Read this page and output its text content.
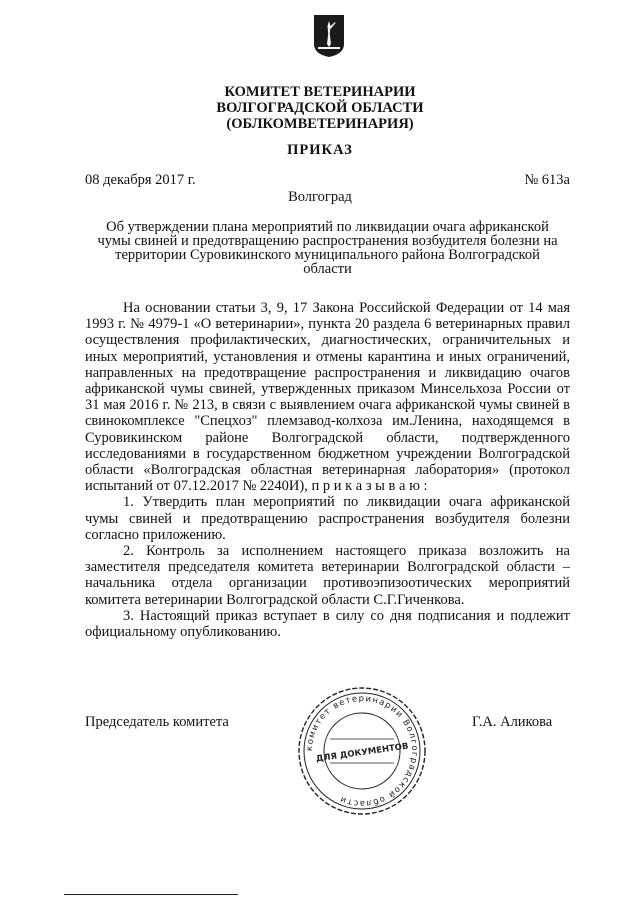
КОМИТЕТ ВЕТЕРИНАРИИ
ВОЛГОГРАДСКОЙ ОБЛАСТИ
(ОБЛКОМВЕТЕРИНАРИЯ)
ПРИКАЗ
08 декабря 2017 г.	№ 613а
Волгоград
Об утверждении плана мероприятий по ликвидации очага африканской
чумы свиней и предотвращению распространения возбудителя болезни на
территории Суровикинского муниципального района Волгоградской
области

На основании статьи 3, 9, 17 Закона Российской Федерации от 14 мая 1993 г. № 4979-1 «О ветеринарии», пункта 20 раздела 6 ветеринарных правил осуществления профилактических, диагностических, ограничительных и иных мероприятий, установления и отмены карантина и иных ограничений, направленных на предотвращение распространения и ликвидацию очагов африканской чумы свиней, утвержденных приказом Минсельхоза России от 31 мая 2016 г. № 213, в связи с выявлением очага африканской чумы свиней в свинокомплексе "Спецхоз" племзавод-колхоза им.Ленина, находящемся в Суровикинском районе Волгоградской области, подтвержденного исследованиями в государственном бюджетном учреждении Волгоградской области «Волгоградская областная ветеринарная лаборатория» (протокол испытаний от 07.12.2017 № 2240И), п р и к а з ы в а ю :

1. Утвердить план мероприятий по ликвидации очага африканской чумы свиней и предотвращению распространения возбудителя болезни согласно приложению.

2. Контроль за исполнением настоящего приказа возложить на заместителя председателя комитета ветеринарии Волгоградской области – начальника отдела организации противоэпизоотических мероприятий комитета ветеринарии Волгоградской области С.Г.Гиченкова.

3. Настоящий приказ вступает в силу со дня подписания и подлежит официальному опубликованию.

Председатель комитета	Г.А. Аликова
комитет ветеринарии Волгоградской области
ДЛЯ ДОКУМЕНТОВ
